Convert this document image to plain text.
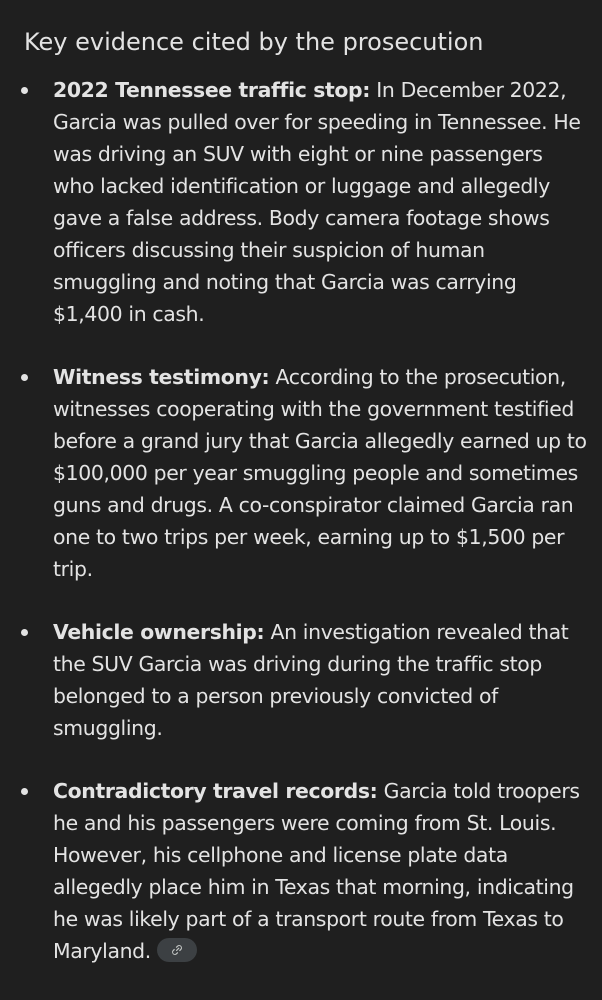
Key evidence cited by the prosecution

2022 Tennessee traffic stop: In December 2022, Garcia was pulled over for speeding in Tennessee. He was driving an SUV with eight or nine passengers who lacked identification or luggage and allegedly gave a false address. Body camera footage shows officers discussing their suspicion of human smuggling and noting that Garcia was carrying $1,400 in cash.

Witness testimony: According to the prosecution, witnesses cooperating with the government testified before a grand jury that Garcia allegedly earned up to $100,000 per year smuggling people and sometimes guns and drugs. A co-conspirator claimed Garcia ran one to two trips per week, earning up to $1,500 per trip.

Vehicle ownership: An investigation revealed that the SUV Garcia was driving during the traffic stop belonged to a person previously convicted of smuggling.

Contradictory travel records: Garcia told troopers he and his passengers were coming from St. Louis. However, his cellphone and license plate data allegedly place him in Texas that morning, indicating he was likely part of a transport route from Texas to Maryland.
